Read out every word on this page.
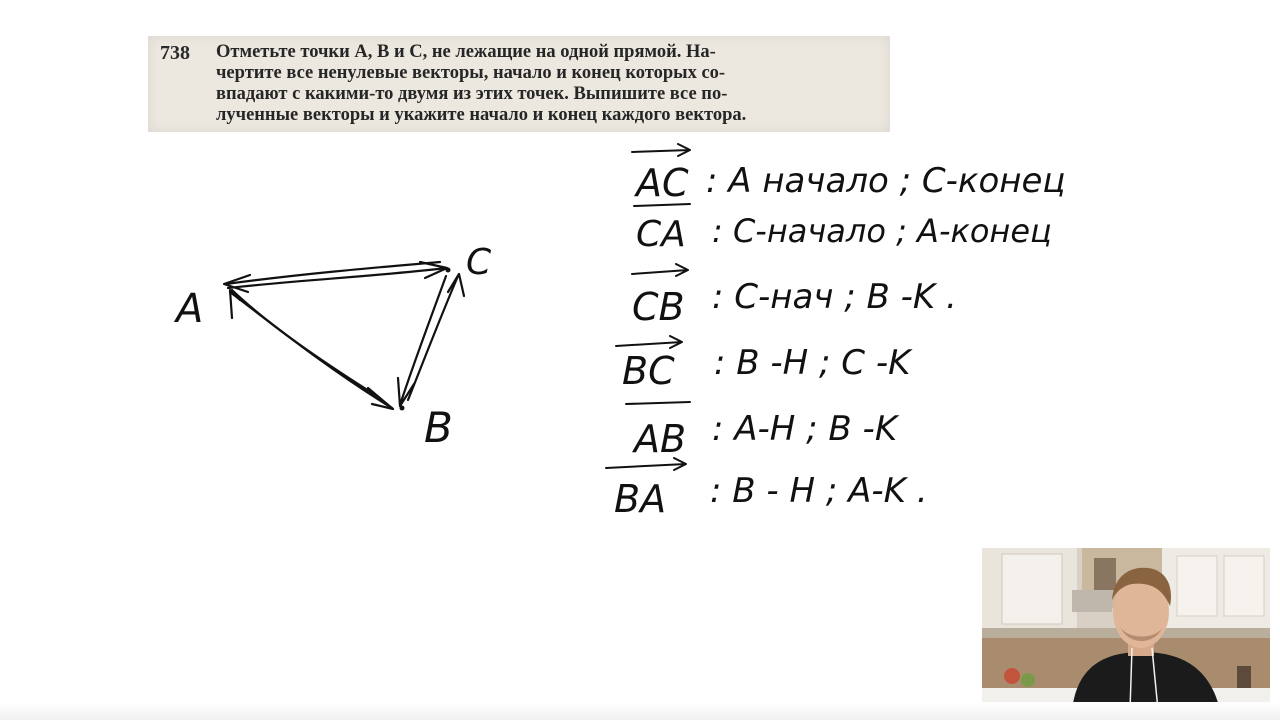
738 Отметьте точки A, B и C, не лежащие на одной прямой. На-
чертите все ненулевые векторы, начало и конец которых со-
впадают с какими-то двумя из этих точек. Выпишите все по-
лученные векторы и укажите начало и конец каждого вектора.
A
C
B
AC : A начало ; C-конец
CA : C-начало ; A-конец
CB : C-нач ; B -K .
BC : B -H ; C -K
AB : A-H ; B -K
BA : B - H ; A-K .
